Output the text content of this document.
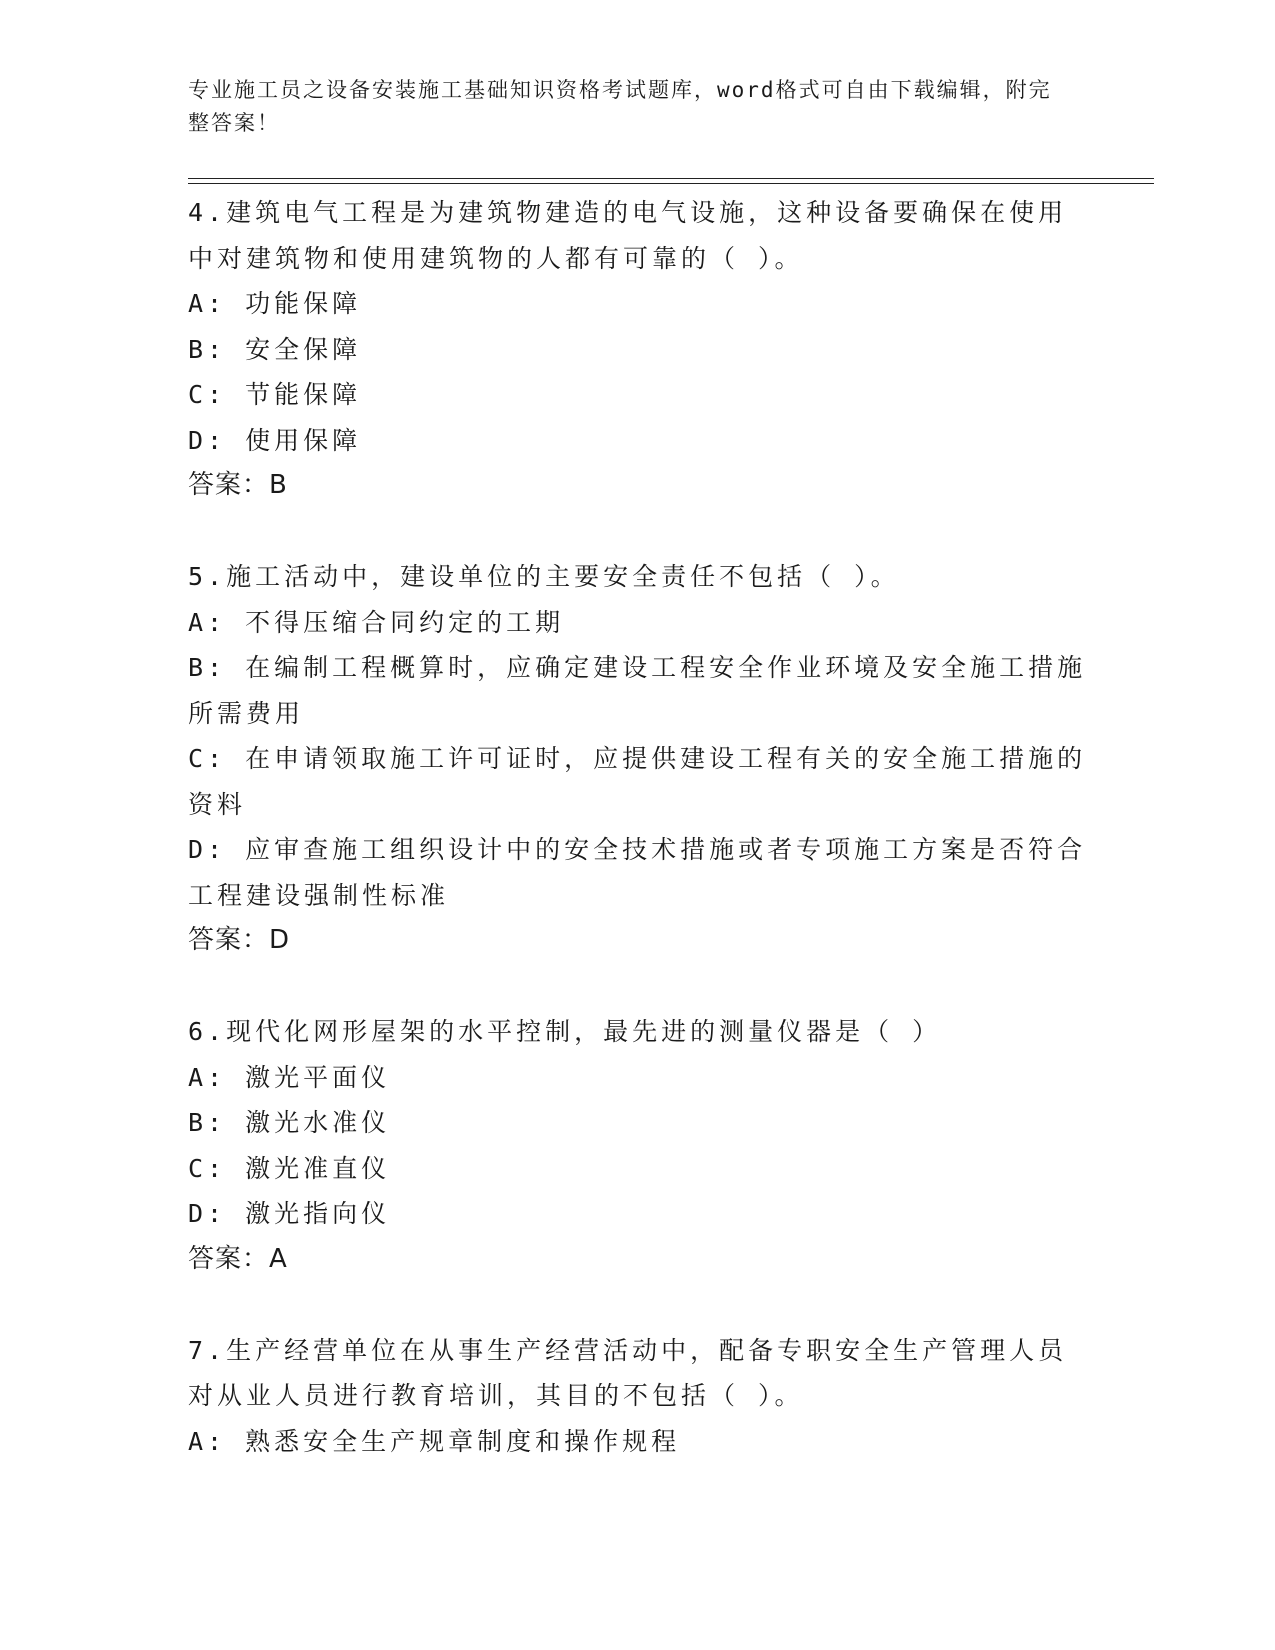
专业施工员之设备安装施工基础知识资格考试题库，word格式可自由下载编辑，附完整答案！

4.建筑电气工程是为建筑物建造的电气设施，这种设备要确保在使用中对建筑物和使用建筑物的人都有可靠的（ ）。

A: 功能保障

B: 安全保障

C: 节能保障

D: 使用保障

答案：B

5.施工活动中，建设单位的主要安全责任不包括（ ）。

A: 不得压缩合同约定的工期

B: 在编制工程概算时，应确定建设工程安全作业环境及安全施工措施所需费用

C: 在申请领取施工许可证时，应提供建设工程有关的安全施工措施的资料

D: 应审查施工组织设计中的安全技术措施或者专项施工方案是否符合工程建设强制性标准

答案：D

6.现代化网形屋架的水平控制，最先进的测量仪器是（ ）

A: 激光平面仪

B: 激光水准仪

C: 激光准直仪

D: 激光指向仪

答案：A

7.生产经营单位在从事生产经营活动中，配备专职安全生产管理人员对从业人员进行教育培训，其目的不包括（ ）。

A: 熟悉安全生产规章制度和操作规程
